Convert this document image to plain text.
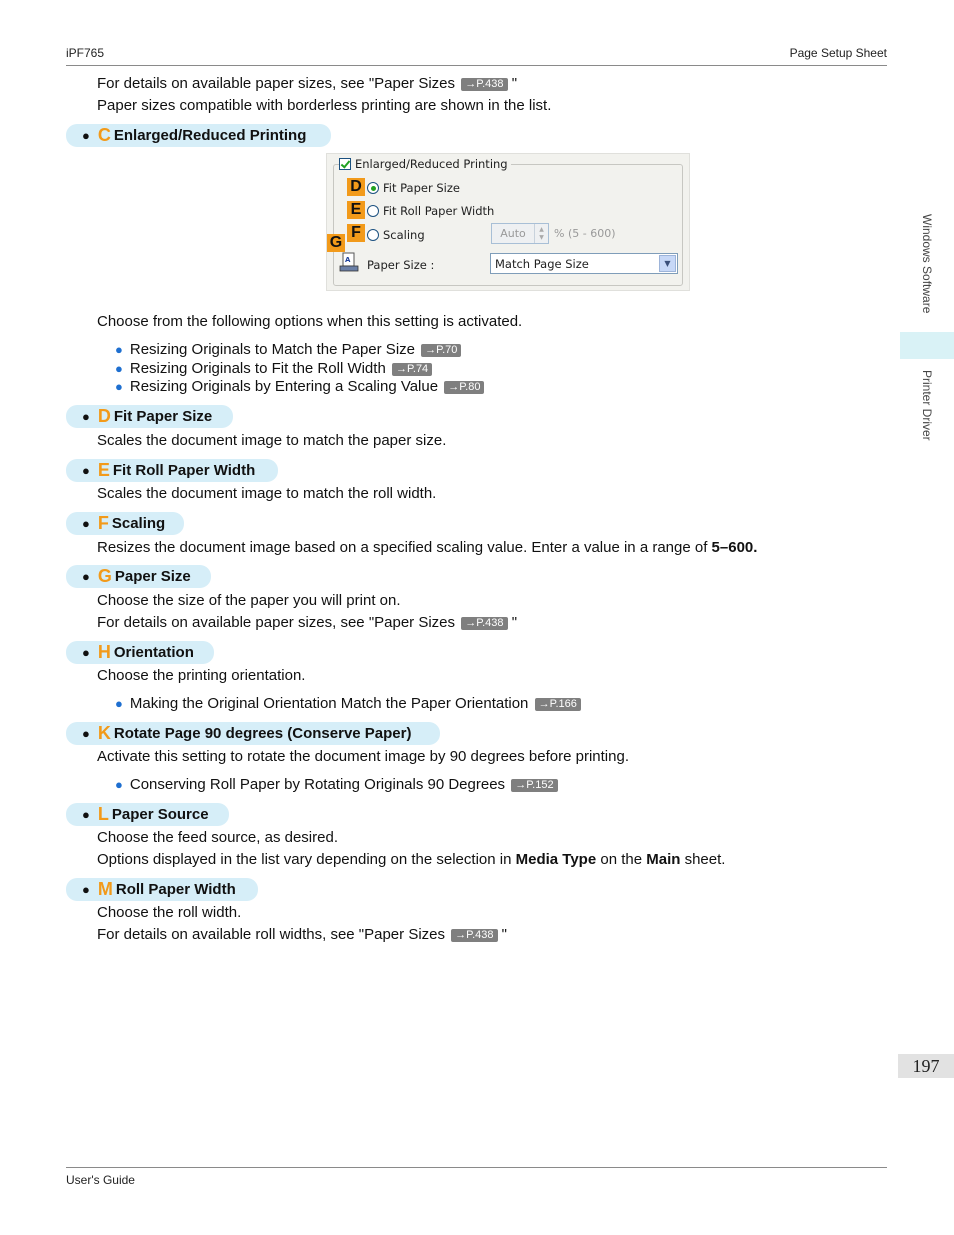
iPF765	Page Setup Sheet
User's Guide
Windows Software
Printer Driver
197
For details on available paper sizes, see "Paper Sizes →P.438 "
Paper sizes compatible with borderless printing are shown in the list.
● C Enlarged/Reduced Printing
Enlarged/Reduced Printing
D Fit Paper Size
E	Fit Roll Paper Width
F
G	Scaling	Auto	▲
▼ % (5 - 600)
A Paper Size :	Match Page Size	▼
Choose from the following options when this setting is activated.
● Resizing Originals to Match the Paper Size →P.70
● Resizing Originals to Fit the Roll Width →P.74
● Resizing Originals by Entering a Scaling Value →P.80
● D Fit Paper Size
Scales the document image to match the paper size.
● E Fit Roll Paper Width
Scales the document image to match the roll width.
● F Scaling
Resizes the document image based on a specified scaling value. Enter a value in a range of 5–600.
● G Paper Size
Choose the size of the paper you will print on.
For details on available paper sizes, see "Paper Sizes →P.438 "
● H Orientation
Choose the printing orientation.
● Making the Original Orientation Match the Paper Orientation →P.166
● K Rotate Page 90 degrees (Conserve Paper)
Activate this setting to rotate the document image by 90 degrees before printing.
● Conserving Roll Paper by Rotating Originals 90 Degrees →P.152
● L Paper Source
Choose the feed source, as desired.
Options displayed in the list vary depending on the selection in Media Type on the Main sheet.
● M Roll Paper Width
Choose the roll width.
For details on available roll widths, see "Paper Sizes →P.438 "
